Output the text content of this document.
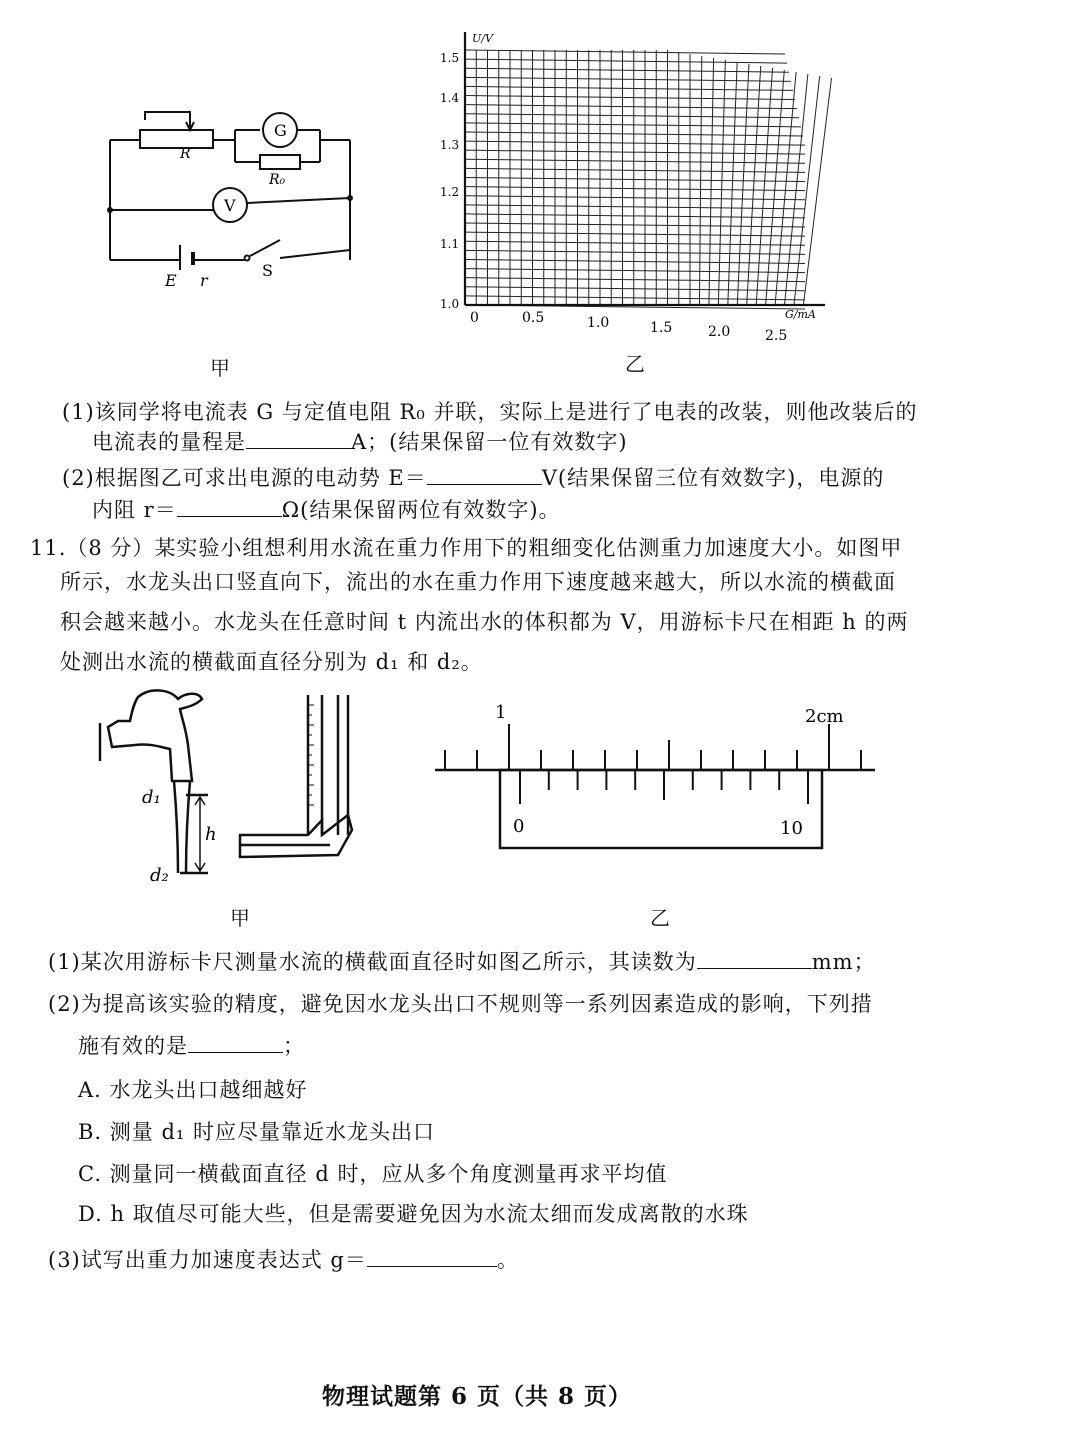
R
G
R₀
V
E r
S
甲
U/V
G/mA
1.5
1.4
1.3
1.2
1.1
1.0
0	0.5	1.0	1.5	2.0 2.5
乙
(1)该同学将电流表 G 与定值电阻 R₀ 并联，实际上是进行了电表的改装，则他改装后的
电流表的量程是	A；(结果保留一位有效数字)
(2)根据图乙可求出电源的电动势 E＝	V(结果保留三位有效数字)，电源的
内阻 r＝	Ω(结果保留两位有效数字)。
11.（8 分）某实验小组想利用水流在重力作用下的粗细变化估测重力加速度大小。如图甲
所示，水龙头出口竖直向下，流出的水在重力作用下速度越来越大，所以水流的横截面
积会越来越小。水龙头在任意时间 t 内流出水的体积都为 V，用游标卡尺在相距 h 的两
处测出水流的横截面直径分别为 d₁ 和 d₂。
d₁
h
d₂
甲
1	2cm
0	10
乙
(1)某次用游标卡尺测量水流的横截面直径时如图乙所示，其读数为	mm；
(2)为提高该实验的精度，避免因水龙头出口不规则等一系列因素造成的影响，下列措
施有效的是	；
A. 水龙头出口越细越好
B. 测量 d₁ 时应尽量靠近水龙头出口
C. 测量同一横截面直径 d 时，应从多个角度测量再求平均值
D. h 取值尽可能大些，但是需要避免因为水流太细而发成离散的水珠
(3)试写出重力加速度表达式 g＝	。
物理试题第 6 页（共 8 页）
